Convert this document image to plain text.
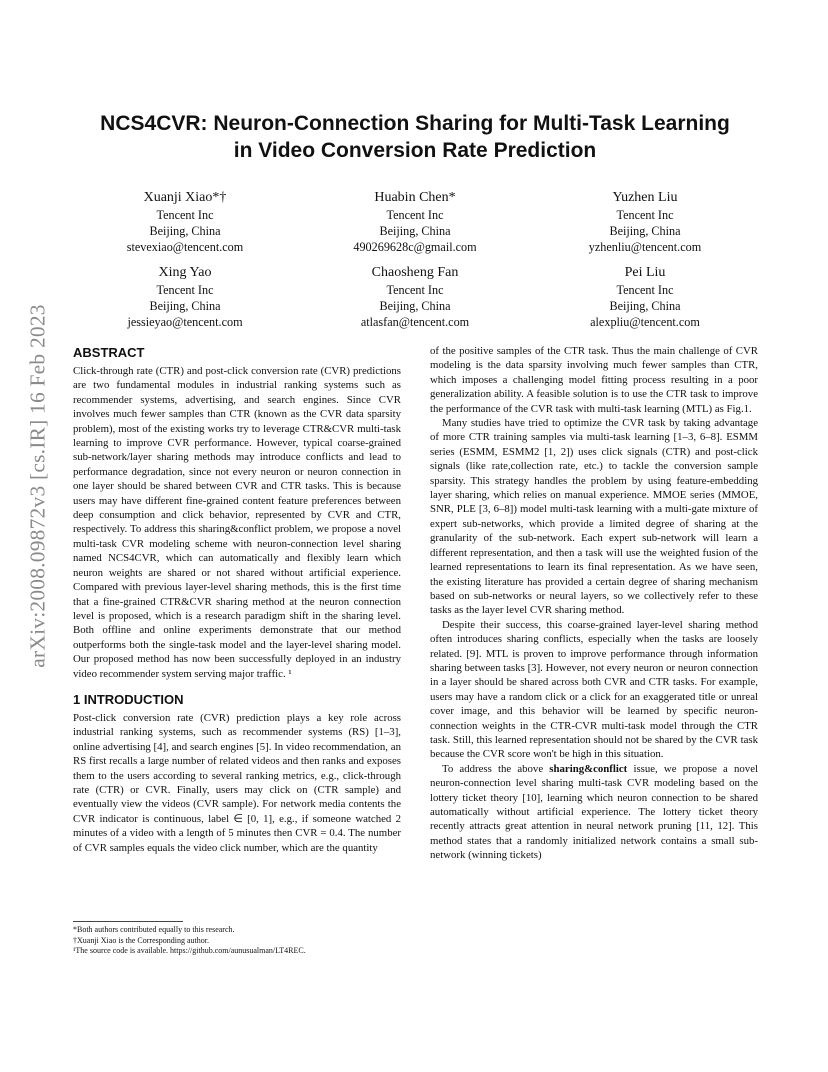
arXiv:2008.09872v3 [cs.IR] 16 Feb 2023
NCS4CVR: Neuron-Connection Sharing for Multi-Task Learning
in Video Conversion Rate Prediction
Xuanji Xiao*†
Tencent Inc
Beijing, China
stevexiao@tencent.com
Huabin Chen*
Tencent Inc
Beijing, China
490269628c@gmail.com
Yuzhen Liu
Tencent Inc
Beijing, China
yzhenliu@tencent.com
Xing Yao
Tencent Inc
Beijing, China
jessieyao@tencent.com
Chaosheng Fan
Tencent Inc
Beijing, China
atlasfan@tencent.com
Pei Liu
Tencent Inc
Beijing, China
alexpliu@tencent.com
ABSTRACT

Click-through rate (CTR) and post-click conversion rate (CVR) predictions are two fundamental modules in industrial ranking systems such as recommender systems, advertising, and search engines. Since CVR involves much fewer samples than CTR (known as the CVR data sparsity problem), most of the existing works try to leverage CTR&CVR multi-task learning to improve CVR performance. However, typical coarse-grained sub-network/layer sharing methods may introduce conflicts and lead to performance degradation, since not every neuron or neuron connection in one layer should be shared between CVR and CTR tasks. This is because users may have different fine-grained content feature preferences between deep consumption and click behavior, represented by CVR and CTR, respectively. To address this sharing&conflict problem, we propose a novel multi-task CVR modeling scheme with neuron-connection level sharing named NCS4CVR, which can automatically and flexibly learn which neuron weights are shared or not shared without artificial experience. Compared with previous layer-level sharing methods, this is the first time that a fine-grained CTR&CVR sharing method at the neuron connection level is proposed, which is a research paradigm shift in the sharing level. Both offline and online experiments demonstrate that our method outperforms both the single-task model and the layer-level sharing model. Our proposed method has now been successfully deployed in an industry video recommender system serving major traffic. ¹

1 INTRODUCTION

Post-click conversion rate (CVR) prediction plays a key role across industrial ranking systems, such as recommender systems (RS) [1–3], online advertising [4], and search engines [5]. In video recommendation, an RS first recalls a large number of related videos and then ranks and exposes them to the users according to several ranking metrics, e.g., click-through rate (CTR) or CVR. Finally, users may click on (CTR sample) and eventually view the videos (CVR sample). For network media contents the CVR indicator is continuous, label ∈ [0, 1], e.g., if someone watched 2 minutes of a video with a length of 5 minutes then CVR = 0.4. The number of CVR samples equals the video click number, which are the quantity

of the positive samples of the CTR task. Thus the main challenge of CVR modeling is the data sparsity involving much fewer samples than CTR, which imposes a challenging model fitting process resulting in a poor generalization ability. A feasible solution is to use the CTR task to improve the performance of the CVR task with multi-task learning (MTL) as Fig.1.

Many studies have tried to optimize the CVR task by taking advantage of more CTR training samples via multi-task learning [1–3, 6–8]. ESMM series (ESMM, ESMM2 [1, 2]) uses click signals (CTR) and post-click signals (like rate,collection rate, etc.) to tackle the conversion sample sparsity. This strategy handles the problem by using feature-embedding layer sharing, which relies on manual experience. MMOE series (MMOE, SNR, PLE [3, 6–8]) model multi-task learning with a multi-gate mixture of expert sub-networks, which provide a limited degree of sharing at the granularity of the sub-network. Each expert sub-network will learn a different representation, and then a task will use the weighted fusion of the learned representations to learn its final representation. As we have seen, the existing literature has provided a certain degree of sharing mechanism based on sub-networks or neural layers, so we collectively refer to these tasks as the layer level CVR sharing method.

Despite their success, this coarse-grained layer-level sharing method often introduces sharing conflicts, especially when the tasks are loosely related. [9]. MTL is proven to improve performance through information sharing between tasks [3]. However, not every neuron or neuron connection in a layer should be shared across both CVR and CTR tasks. For example, users may have a random click or a click for an exaggerated title or unreal cover image, and this behavior will be learned by specific neuron-connection weights in the CTR-CVR multi-task model through the CTR task. Still, this learned representation should not be shared by the CVR task because the CVR score won't be high in this situation.

To address the above sharing&conflict issue, we propose a novel neuron-connection level sharing multi-task CVR modeling based on the lottery ticket theory [10], learning which neuron connection to be shared automatically without artificial experience. The lottery ticket theory recently attracts great attention in neural network pruning [11, 12]. This method states that a randomly initialized network contains a small sub-network (winning tickets)

*Both authors contributed equally to this research.
†Xuanji Xiao is the Corresponding author.
¹The source code is available. https://github.com/aunusualman/LT4REC.
